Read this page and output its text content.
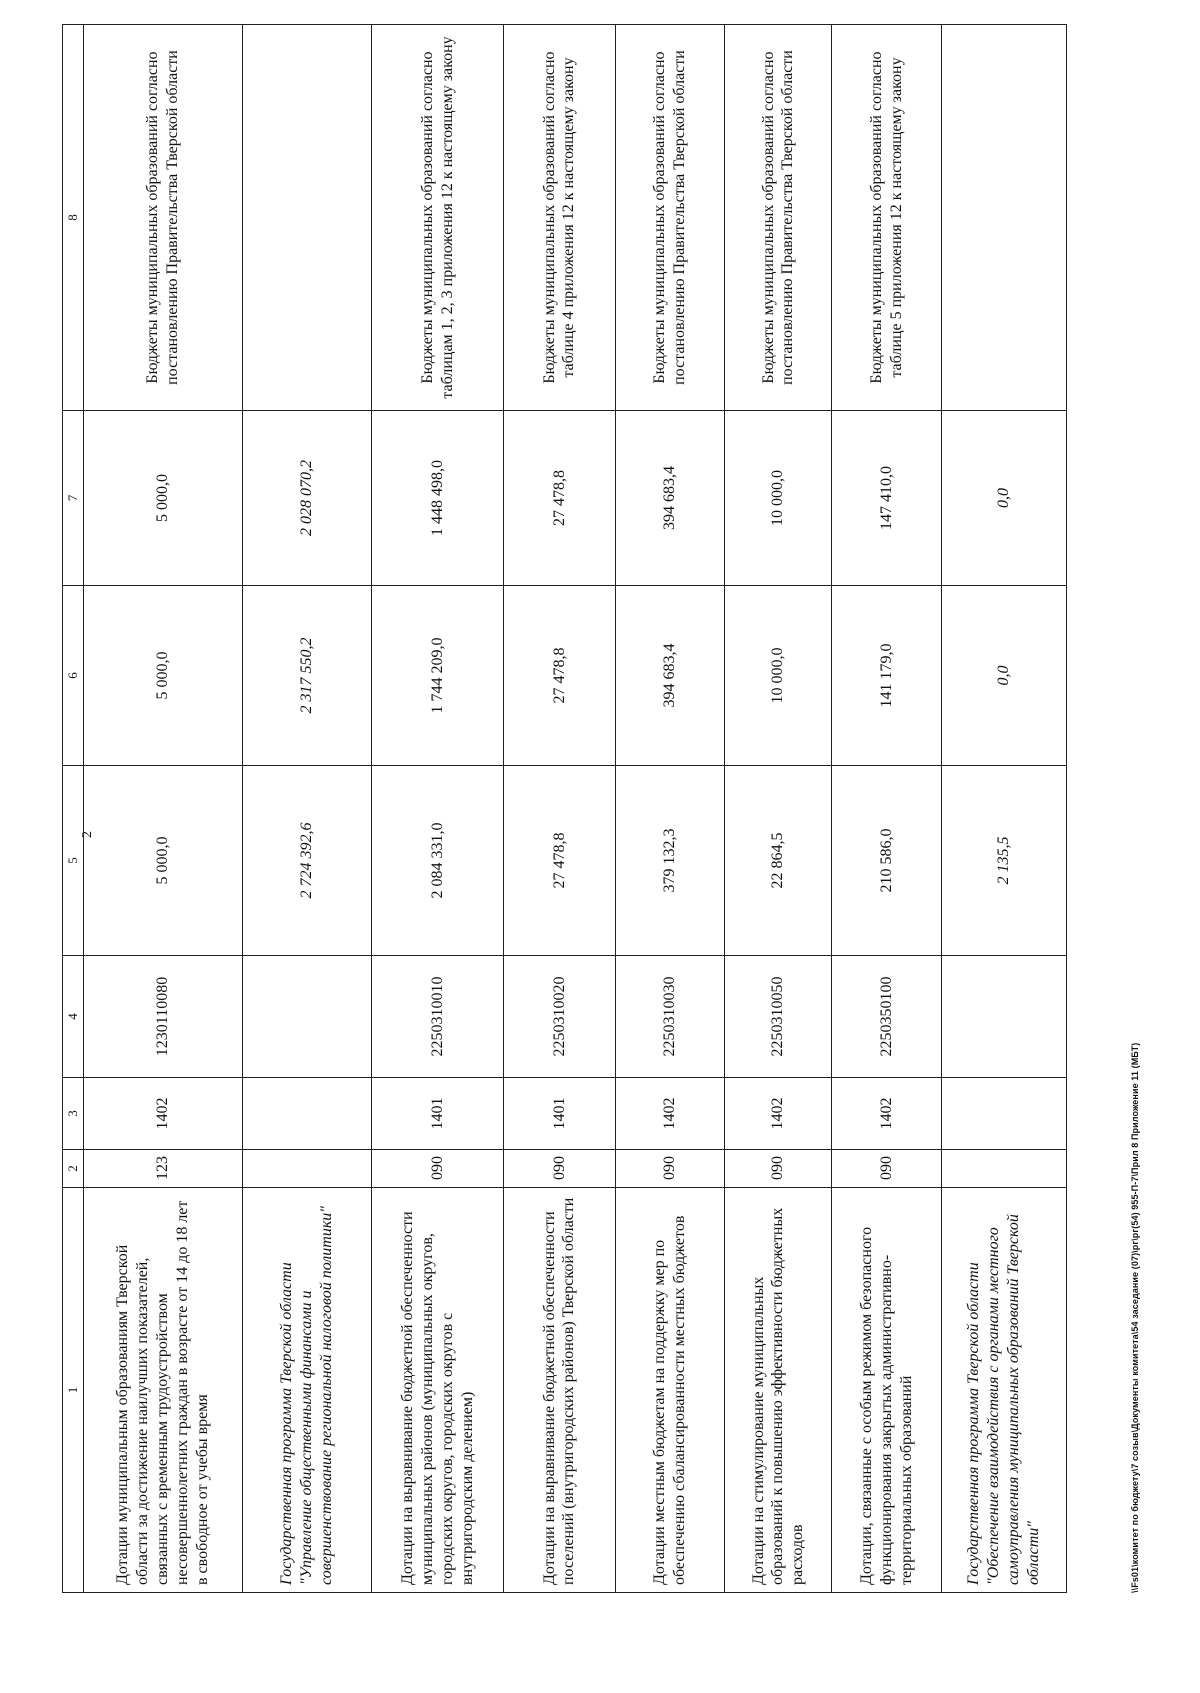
2
1	2	3	4	5	6	7	8
Дотации муниципальным образованиям Тверской области за достижение наилучших показателей, связанных с временным трудоустройством несовершеннолетних граждан в возрасте от 14 до 18 лет в свободное от учебы время	123	1402	1230110080	5 000,0	5 000,0	5 000,0	Бюджеты муниципальных образований согласно постановлению Правительства Тверской области
Государственная программа Тверской области "Управление общественными финансами и совершенствование региональной налоговой политики"				2 724 392,6	2 317 550,2	2 028 070,2	
Дотации на выравнивание бюджетной обеспеченности муниципальных районов (муниципальных округов, городских округов, городских округов с внутригородским делением)	090	1401	2250310010	2 084 331,0	1 744 209,0	1 448 498,0	Бюджеты муниципальных образований согласно таблицам 1, 2, 3 приложения 12 к настоящему закону
Дотации на выравнивание бюджетной обеспеченности поселений (внутригородских районов) Тверской области	090	1401	2250310020	27 478,8	27 478,8	27 478,8	Бюджеты муниципальных образований согласно таблице 4 приложения 12 к настоящему закону
Дотации местным бюджетам на поддержку мер по обеспечению сбалансированности местных бюджетов	090	1402	2250310030	379 132,3	394 683,4	394 683,4	Бюджеты муниципальных образований согласно постановлению Правительства Тверской области
Дотации на стимулирование муниципальных образований к повышению эффективности бюджетных расходов	090	1402	2250310050	22 864,5	10 000,0	10 000,0	Бюджеты муниципальных образований согласно постановлению Правительства Тверской области
Дотации, связанные с особым режимом безопасного функционирования закрытых административно-территориальных образований	090	1402	2250350100	210 586,0	141 179,0	147 410,0	Бюджеты муниципальных образований согласно таблице 5 приложения 12 к настоящему закону
Государственная программа Тверской области "Обеспечение взаимодействия с органами местного самоуправления муниципальных образований Тверской области"				2 135,5	0,0	0,0	
\\Fs01\комитет по бюджету\7 созыв\Документы комитета\54 заседание (07)\рг\рг(54) 955-П-7\Прил 8 Приложение 11 (МБТ)
